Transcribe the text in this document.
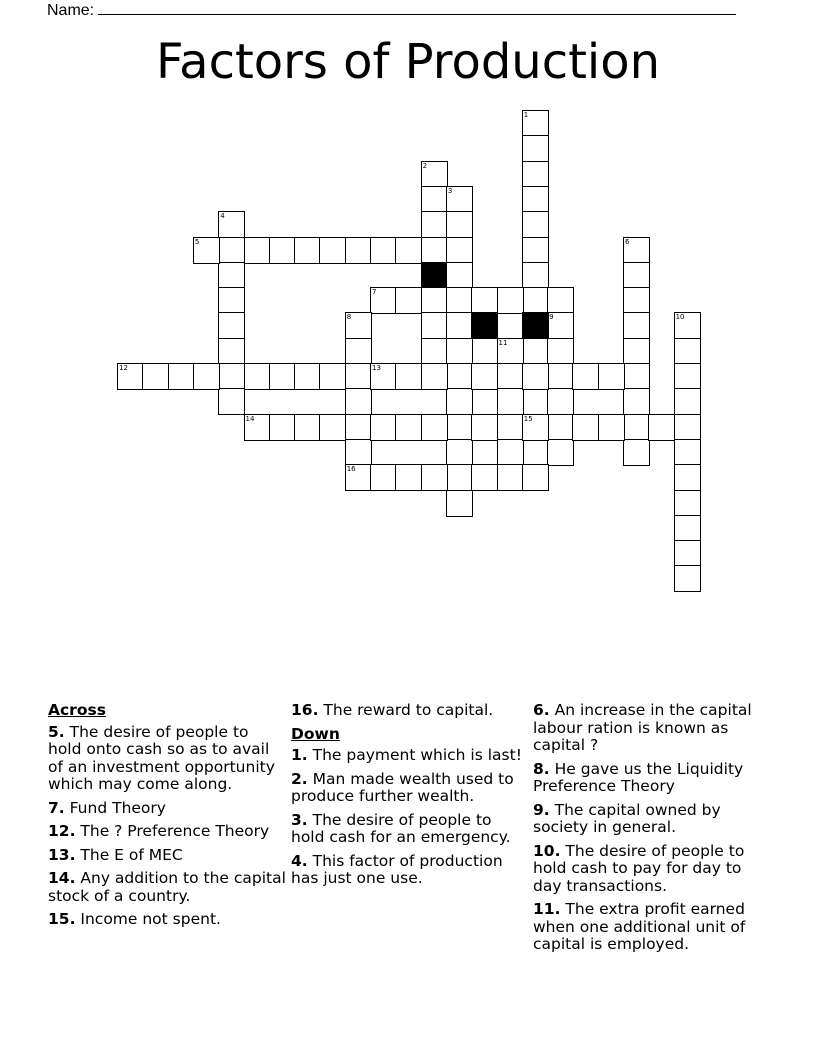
Name:
Factors of Production
1
2
3
4
5	6
7
8	9	10
11
12	13
14	15
16
Across
5. The desire of people to hold onto cash so as to avail of an investment opportunity which may come along.
7. Fund Theory
12. The ? Preference Theory
13. The E of MEC
14. Any addition to the capital stock of a country.
15. Income not spent.
16. The reward to capital.
Down
1. The payment which is last!
2. Man made wealth used to produce further wealth.
3. The desire of people to hold cash for an emergency.
4. This factor of production has just one use.
6. An increase in the capital labour ration is known as capital ?
8. He gave us the Liquidity Preference Theory
9. The capital owned by society in general.
10. The desire of people to hold cash to pay for day to day transactions.
11. The extra profit earned when one additional unit of capital is employed.
